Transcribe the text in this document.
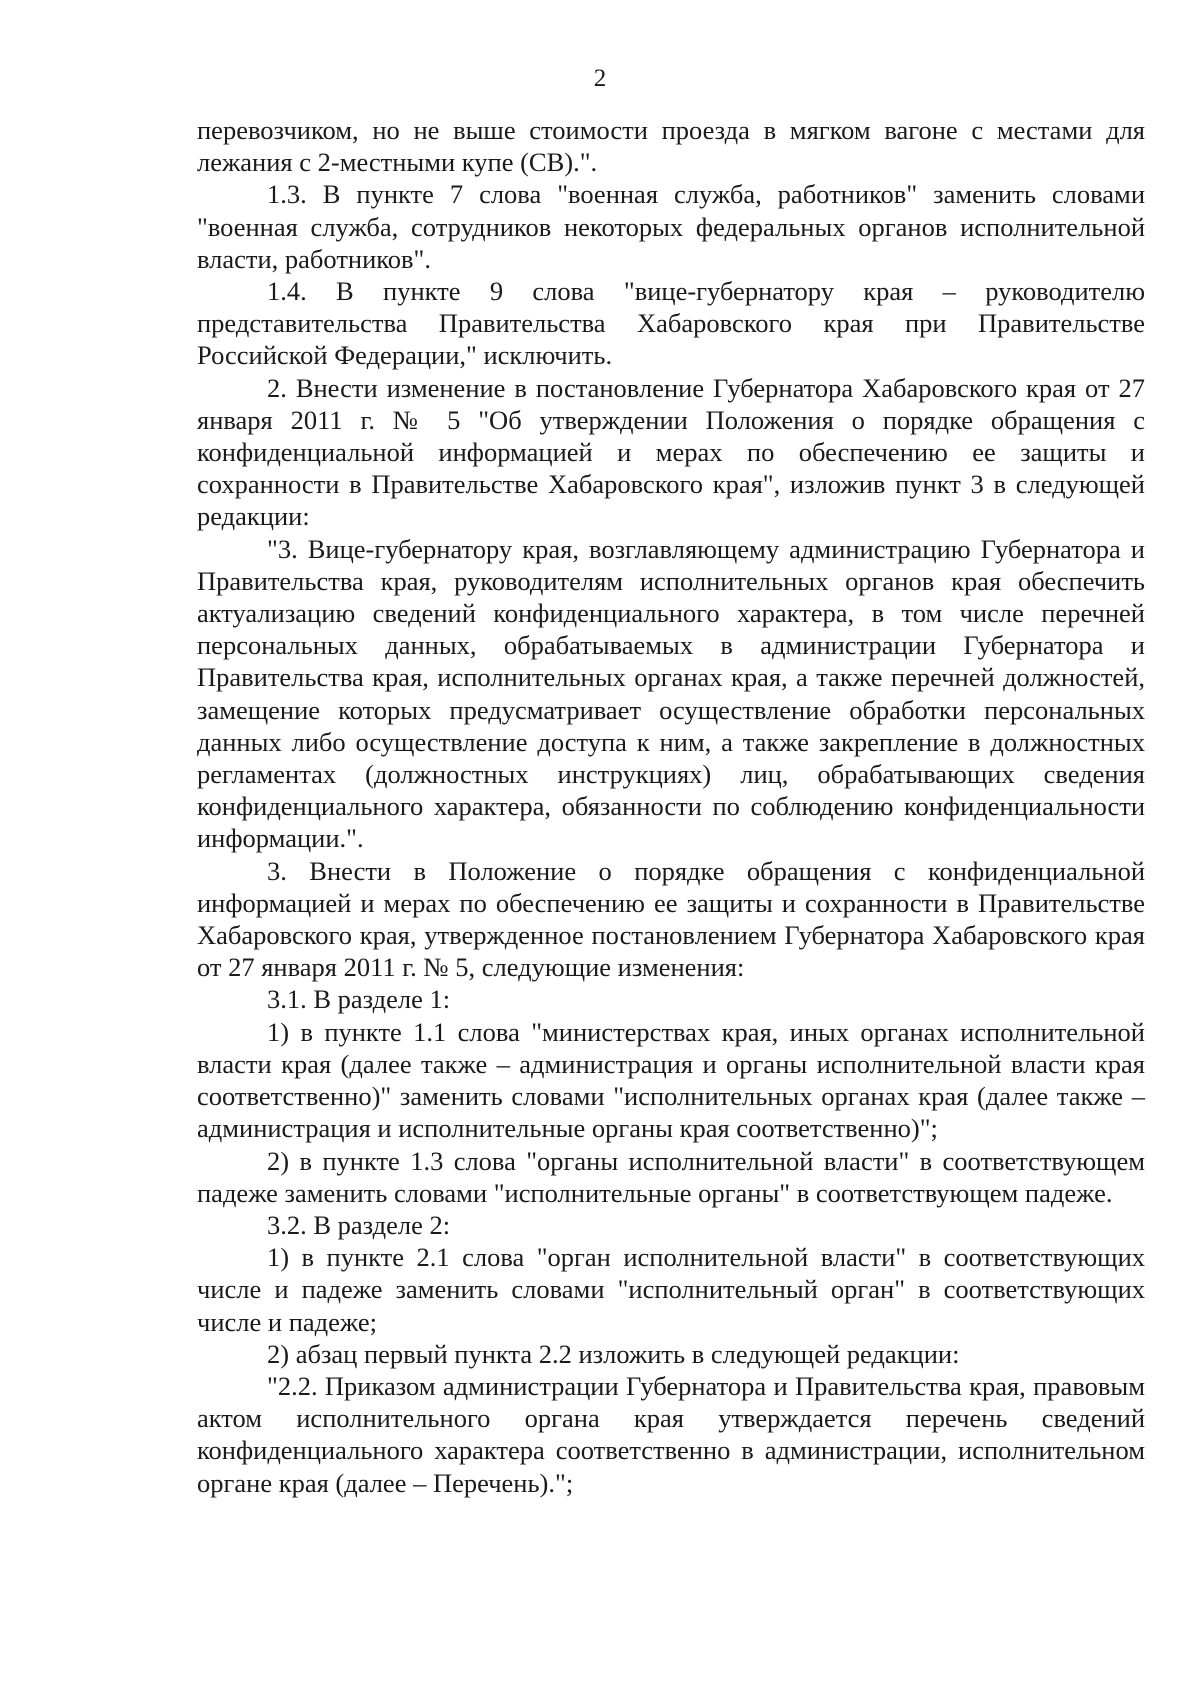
2

перевозчиком, но не выше стоимости проезда в мягком вагоне с местами для лежания с 2-местными купе (СВ).".

1.3. В пункте 7 слова "военная служба, работников" заменить словами "военная служба, сотрудников некоторых федеральных органов исполнительной власти, работников".

1.4. В пункте 9 слова "вице-губернатору края – руководителю представительства Правительства Хабаровского края при Правительстве Российской Федерации," исключить.

2. Внести изменение в постановление Губернатора Хабаровского края от 27 января 2011 г. № 5 "Об утверждении Положения о порядке обращения с конфиденциальной информацией и мерах по обеспечению ее защиты и сохранности в Правительстве Хабаровского края", изложив пункт 3 в следующей редакции:

"3. Вице-губернатору края, возглавляющему администрацию Губернатора и Правительства края, руководителям исполнительных органов края обеспечить актуализацию сведений конфиденциального характера, в том числе перечней персональных данных, обрабатываемых в администрации Губернатора и Правительства края, исполнительных органах края, а также перечней должностей, замещение которых предусматривает осуществление обработки персональных данных либо осуществление доступа к ним, а также закрепление в должностных регламентах (должностных инструкциях) лиц, обрабатывающих сведения конфиденциального характера, обязанности по соблюдению конфиденциальности информации.".

3. Внести в Положение о порядке обращения с конфиденциальной информацией и мерах по обеспечению ее защиты и сохранности в Правительстве Хабаровского края, утвержденное постановлением Губернатора Хабаровского края от 27 января 2011 г. № 5, следующие изменения:

3.1. В разделе 1:

1) в пункте 1.1 слова "министерствах края, иных органах исполнительной власти края (далее также – администрация и органы исполнительной власти края соответственно)" заменить словами "исполнительных органах края (далее также – администрация и исполнительные органы края соответственно)";

2) в пункте 1.3 слова "органы исполнительной власти" в соответствующем падеже заменить словами "исполнительные органы" в соответствующем падеже.

3.2. В разделе 2:

1) в пункте 2.1 слова "орган исполнительной власти" в соответствующих числе и падеже заменить словами "исполнительный орган" в соответствующих числе и падеже;

2) абзац первый пункта 2.2 изложить в следующей редакции:

"2.2. Приказом администрации Губернатора и Правительства края, правовым актом исполнительного органа края утверждается перечень сведений конфиденциального характера соответственно в администрации, исполнительном органе края (далее – Перечень).";
